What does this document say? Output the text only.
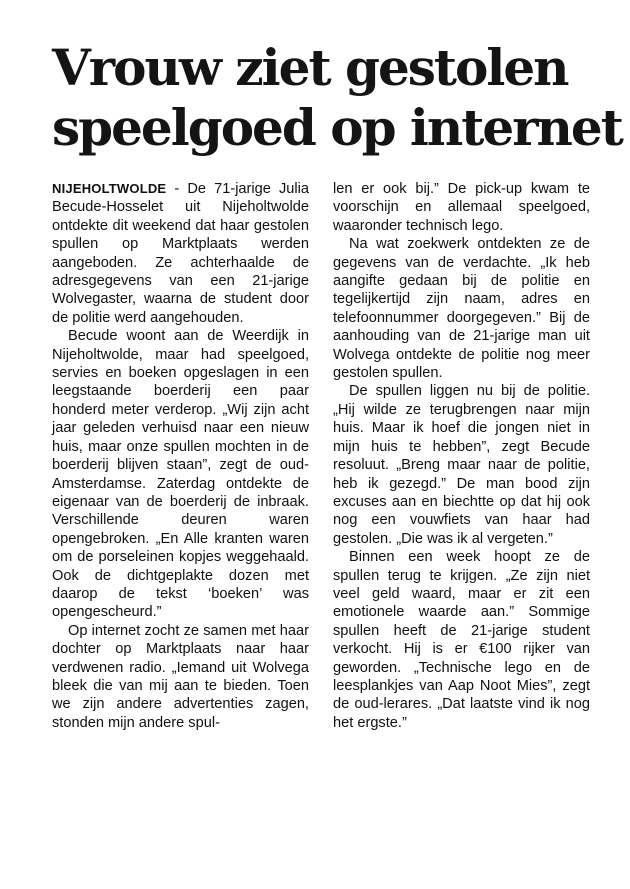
Vrouw ziet gestolen
speelgoed op internet

NIJEHOLTWOLDE - De 71-jarige Julia Becude-Hosselet uit Nijeholtwolde ontdekte dit weekend dat haar gestolen spullen op Marktplaats werden aangeboden. Ze achterhaalde de adresgegevens van een 21-jarige Wolvegaster, waarna de student door de politie werd aangehouden.

Becude woont aan de Weerdijk in Nijeholtwolde, maar had speelgoed, servies en boeken opgeslagen in een leegstaande boerderij een paar honderd meter verderop. „Wij zijn acht jaar geleden verhuisd naar een nieuw huis, maar onze spullen mochten in de boerderij blijven staan”, zegt de oud-Amsterdamse. Zaterdag ontdekte de eigenaar van de boerderij de inbraak. Verschillende deuren waren opengebroken. „En Alle kranten waren om de porseleinen kopjes weggehaald. Ook de dichtgeplakte dozen met daarop de tekst ‘boeken’ was opengescheurd.”

Op internet zocht ze samen met haar dochter op Marktplaats naar haar verdwenen radio. „Iemand uit Wolvega bleek die van mij aan te bieden. Toen we zijn andere advertenties zagen, stonden mijn andere spul-

len er ook bij.” De pick-up kwam te voorschijn en allemaal speelgoed, waaronder technisch lego.

Na wat zoekwerk ontdekten ze de gegevens van de verdachte. „Ik heb aangifte gedaan bij de politie en tegelijkertijd zijn naam, adres en telefoonnummer doorgegeven.” Bij de aanhouding van de 21-jarige man uit Wolvega ontdekte de politie nog meer gestolen spullen.

De spullen liggen nu bij de politie. „Hij wilde ze terugbrengen naar mijn huis. Maar ik hoef die jongen niet in mijn huis te hebben”, zegt Becude resoluut. „Breng maar naar de politie, heb ik gezegd.” De man bood zijn excuses aan en biechtte op dat hij ook nog een vouwfiets van haar had gestolen. „Die was ik al vergeten.”

Binnen een week hoopt ze de spullen terug te krijgen. „Ze zijn niet veel geld waard, maar er zit een emotionele waarde aan.” Sommige spullen heeft de 21-jarige student verkocht. Hij is er €100 rijker van geworden. „Technische lego en de leesplankjes van Aap Noot Mies”, zegt de oud-lerares. „Dat laatste vind ik nog het ergste.”
